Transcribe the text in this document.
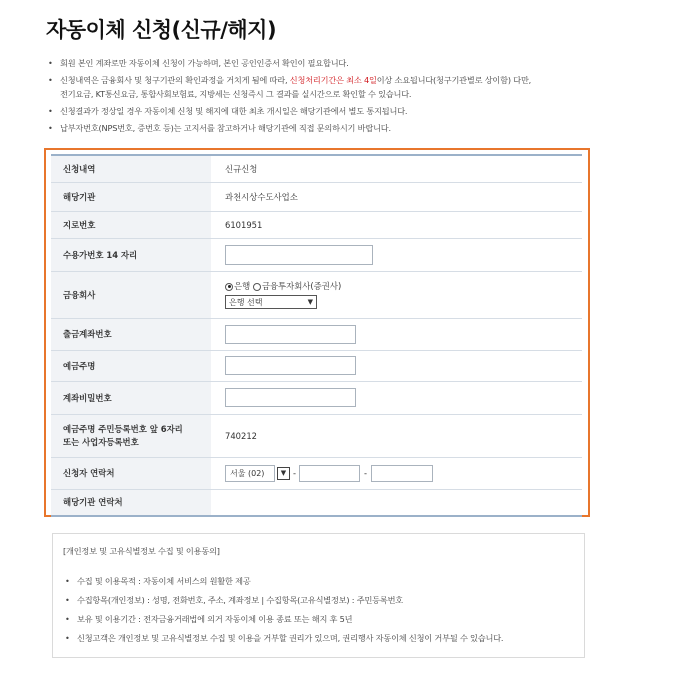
자동이체 신청(신규/해지)
• 회원 본인 계좌로만 자동이체 신청이 가능하며, 본인 공인인증서 확인이 필요합니다.
• 신청내역은 금융회사 및 청구기관의 확인과정을 거치게 됨에 따라, 신청처리기간은 최소 4일이상 소요됩니다(청구기관별로 상이함) 다만,
전기요금, KT통신요금, 통합사회보험료, 지방세는 신청즉시 그 결과를 실시간으로 확인할 수 있습니다.
• 신청결과가 정상일 경우 자동이체 신청 및 해지에 대한 최초 개시일은 해당기관에서 별도 통지됩니다.
• 납부자번호(NPS번호, 증번호 등)는 고지서를 참고하거나 해당기관에 직접 문의하시기 바랍니다.
신청내역	신규신청
해당기관	과천시상수도사업소
지로번호	6101951
수용가번호 14 자리	
금융회사	은행 금융투자회사(증권사)
은행 선택 ▼

출금계좌번호	
예금주명	
계좌비밀번호	
예금주명 주민등록번호 앞 6자리
또는 사업자등록번호	740212
신청자 연락처	서울 (02) ▼ - -
해당기관 연락처	
[개인정보 및 고유식별정보 수집 및 이용동의]
• 수집 및 이용목적 : 자동이체 서비스의 원활한 제공
• 수집항목(개인정보) : 성명, 전화번호, 주소, 계좌정보 | 수집항목(고유식별정보) : 주민등록번호
• 보유 및 이용기간 : 전자금융거래법에 의거 자동이체 이용 종료 또는 해지 후 5년
• 신청고객은 개인정보 및 고유식별정보 수집 및 이용을 거부할 권리가 있으며, 권리행사 자동이체 신청이 거부될 수 있습니다.
